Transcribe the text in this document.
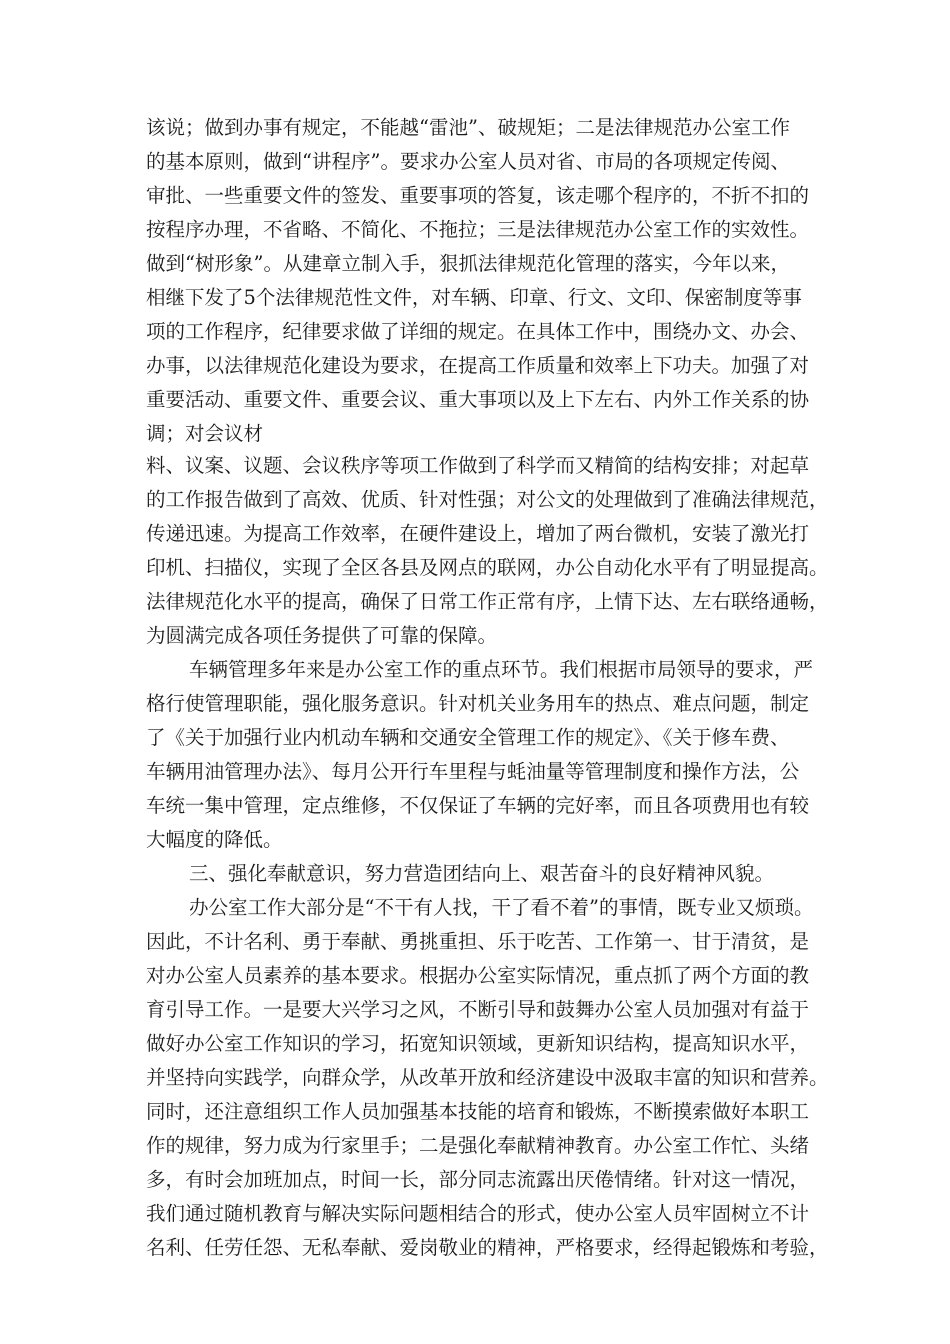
该说；做到办事有规定，不能越“雷池”、破规矩；二是法律规范办公室工作
的基本原则，做到“讲程序”。要求办公室人员对省、市局的各项规定传阅、
审批、一些重要文件的签发、重要事项的答复，该走哪个程序的，不折不扣的
按程序办理，不省略、不简化、不拖拉；三是法律规范办公室工作的实效性。
做到“树形象”。从建章立制入手，狠抓法律规范化管理的落实，今年以来，
相继下发了5个法律规范性文件，对车辆、印章、行文、文印、保密制度等事
项的工作程序，纪律要求做了详细的规定。在具体工作中，围绕办文、办会、
办事，以法律规范化建设为要求，在提高工作质量和效率上下功夫。加强了对
重要活动、重要文件、重要会议、重大事项以及上下左右、内外工作关系的协
调；对会议材
料、议案、议题、会议秩序等项工作做到了科学而又精简的结构安排；对起草
的工作报告做到了高效、优质、针对性强；对公文的处理做到了准确法律规范，
传递迅速。为提高工作效率，在硬件建设上，增加了两台微机，安装了激光打
印机、扫描仪，实现了全区各县及网点的联网，办公自动化水平有了明显提高。
法律规范化水平的提高，确保了日常工作正常有序，上情下达、左右联络通畅，
为圆满完成各项任务提供了可靠的保障。
车辆管理多年来是办公室工作的重点环节。我们根据市局领导的要求，严
格行使管理职能，强化服务意识。针对机关业务用车的热点、难点问题，制定
了《关于加强行业内机动车辆和交通安全管理工作的规定》、《关于修车费、
车辆用油管理办法》、每月公开行车里程与蚝油量等管理制度和操作方法，公
车统一集中管理，定点维修，不仅保证了车辆的完好率，而且各项费用也有较
大幅度的降低。
三、强化奉献意识，努力营造团结向上、艰苦奋斗的良好精神风貌。
办公室工作大部分是“不干有人找，干了看不着”的事情，既专业又烦琐。
因此，不计名利、勇于奉献、勇挑重担、乐于吃苦、工作第一、甘于清贫，是
对办公室人员素养的基本要求。根据办公室实际情况，重点抓了两个方面的教
育引导工作。一是要大兴学习之风，不断引导和鼓舞办公室人员加强对有益于
做好办公室工作知识的学习，拓宽知识领域，更新知识结构，提高知识水平，
并坚持向实践学，向群众学，从改革开放和经济建设中汲取丰富的知识和营养。
同时，还注意组织工作人员加强基本技能的培育和锻炼，不断摸索做好本职工
作的规律，努力成为行家里手；二是强化奉献精神教育。办公室工作忙、头绪
多，有时会加班加点，时间一长，部分同志流露出厌倦情绪。针对这一情况，
我们通过随机教育与解决实际问题相结合的形式，使办公室人员牢固树立不计
名利、任劳任怨、无私奉献、爱岗敬业的精神，严格要求，经得起锻炼和考验，
